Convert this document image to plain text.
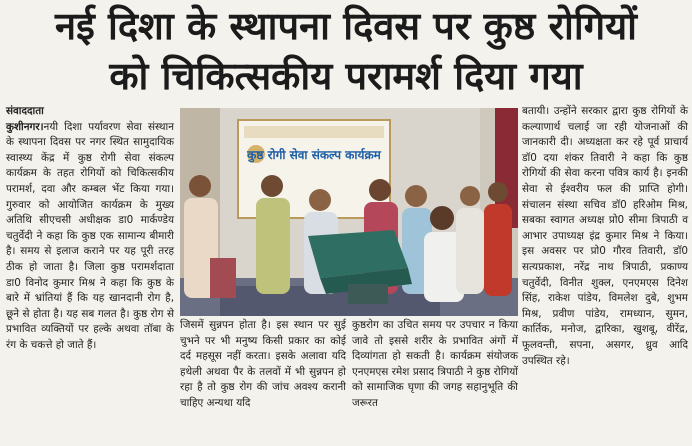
नई दिशा के स्थापना दिवस पर कुष्ठ रोगियों
को चिकित्सकीय परामर्श दिया गया
संवाददाता
कुशीनगर।नयी दिशा पर्यावरण सेवा संस्थान के स्थापना दिवस पर नगर स्थित सामुदायिक स्वास्थ्य केंद्र में कुष्ठ रोगी सेवा संकल्प कार्यक्रम के तहत रोगियों को चिकित्सकीय परामर्श, दवा और कम्बल भेंट किया गया। गुरुवार को आयोजित कार्यक्रम के मुख्य अतिथि सीएचसी अधीक्षक डा0 मार्कण्डेय चतुर्वेदी ने कहा कि कुष्ठ एक सामान्य बीमारी है। समय से इलाज कराने पर यह पूरी तरह ठीक हो जाता है। जिला कुष्ठ परामर्शदाता डा0 विनोद कुमार मिश्र ने कहा कि कुष्ठ के बारे में भ्रांतियां हैं कि यह खानदानी रोग है, छूने से होता है। यह सब गलत है। कुष्ठ रोग से प्रभावित व्यक्तियों पर हल्के अथवा तॉबा के रंग के चकत्ते हो जाते हैं।
कुष्ठ रोगी सेवा संकल्प कार्यक्रम
जिसमें सुन्नपन होता है। इस स्थान पर सुई चुभने पर भी मनुष्य किसी प्रकार का कोई दर्द महसूस नहीं करता। इसके अलावा यदि हथेली अथवा पैर के तलवों में भी सुन्नपन हो रहा है तो कुष्ठ रोग की जांच अवश्य करानी चाहिए अन्यथा यदि
कुष्ठरोग का उचित समय पर उपचार न किया जावे तो इससे शरीर के प्रभावित अंगों में दिव्यांगता हो सकती है। कार्यक्रम संयोजक एनएमएस रमेश प्रसाद त्रिपाठी ने कुष्ठ रोगियों को सामाजिक घृणा की जगह सहानुभूति की जरूरत
बतायी। उन्होंने सरकार द्वारा कुष्ठ रोगियों के कल्याणार्थ चलाई जा रही योजनाओं की जानकारी दी। अध्यक्षता कर रहे पूर्व प्राचार्य डॉ0 दया शंकर तिवारी ने कहा कि कुष्ठ रोगियों की सेवा करना पवित्र कार्य है। इनकी सेवा से ईश्वरीय फल की प्राप्ति होगी। संचालन संस्था सचिव डॉ0 हरिओम मिश्र, सबका स्वागत अध्यक्ष प्रो0 सीमा त्रिपाठी व आभार उपाध्यक्ष इंद्र कुमार मिश्र ने किया। इस अवसर पर प्रो0 गौरव तिवारी, डॉ0 सत्यप्रकाश, नरेंद्र नाथ त्रिपाठी, प्रकाण्य चतुर्वेदी, विनीत शुक्ल, एनएमएस दिनेश सिंह, राकेश पांडेय, विमलेश दुबे, शुभम मिश्र, प्रवीण पांडेय, रामध्यान, सुमन, कार्तिक, मनोज, द्वारिका, खुशबू, वीरेंद्र, फूलवन्ती, सपना, असगर, ध्रुव आदि उपस्थित रहे।
